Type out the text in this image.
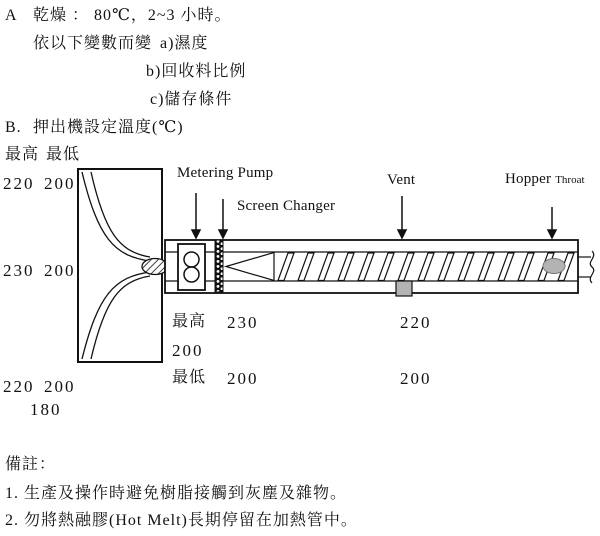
A 乾燥 ： 80℃，2~3 小時。
依以下變數而變 a)濕度
b)回收料比例
c)儲存條件
B. 押出機設定溫度(℃)
最高 最低
220 200
230 200
220 200
180
Metering Pump
Screen Changer
Vent	Hopper Throat
最高 230	220
200
最低 200	200
備註：
1. 生產及操作時避免樹脂接觸到灰塵及雜物。
2. 勿將熱融膠(Hot Melt)長期停留在加熱管中。
